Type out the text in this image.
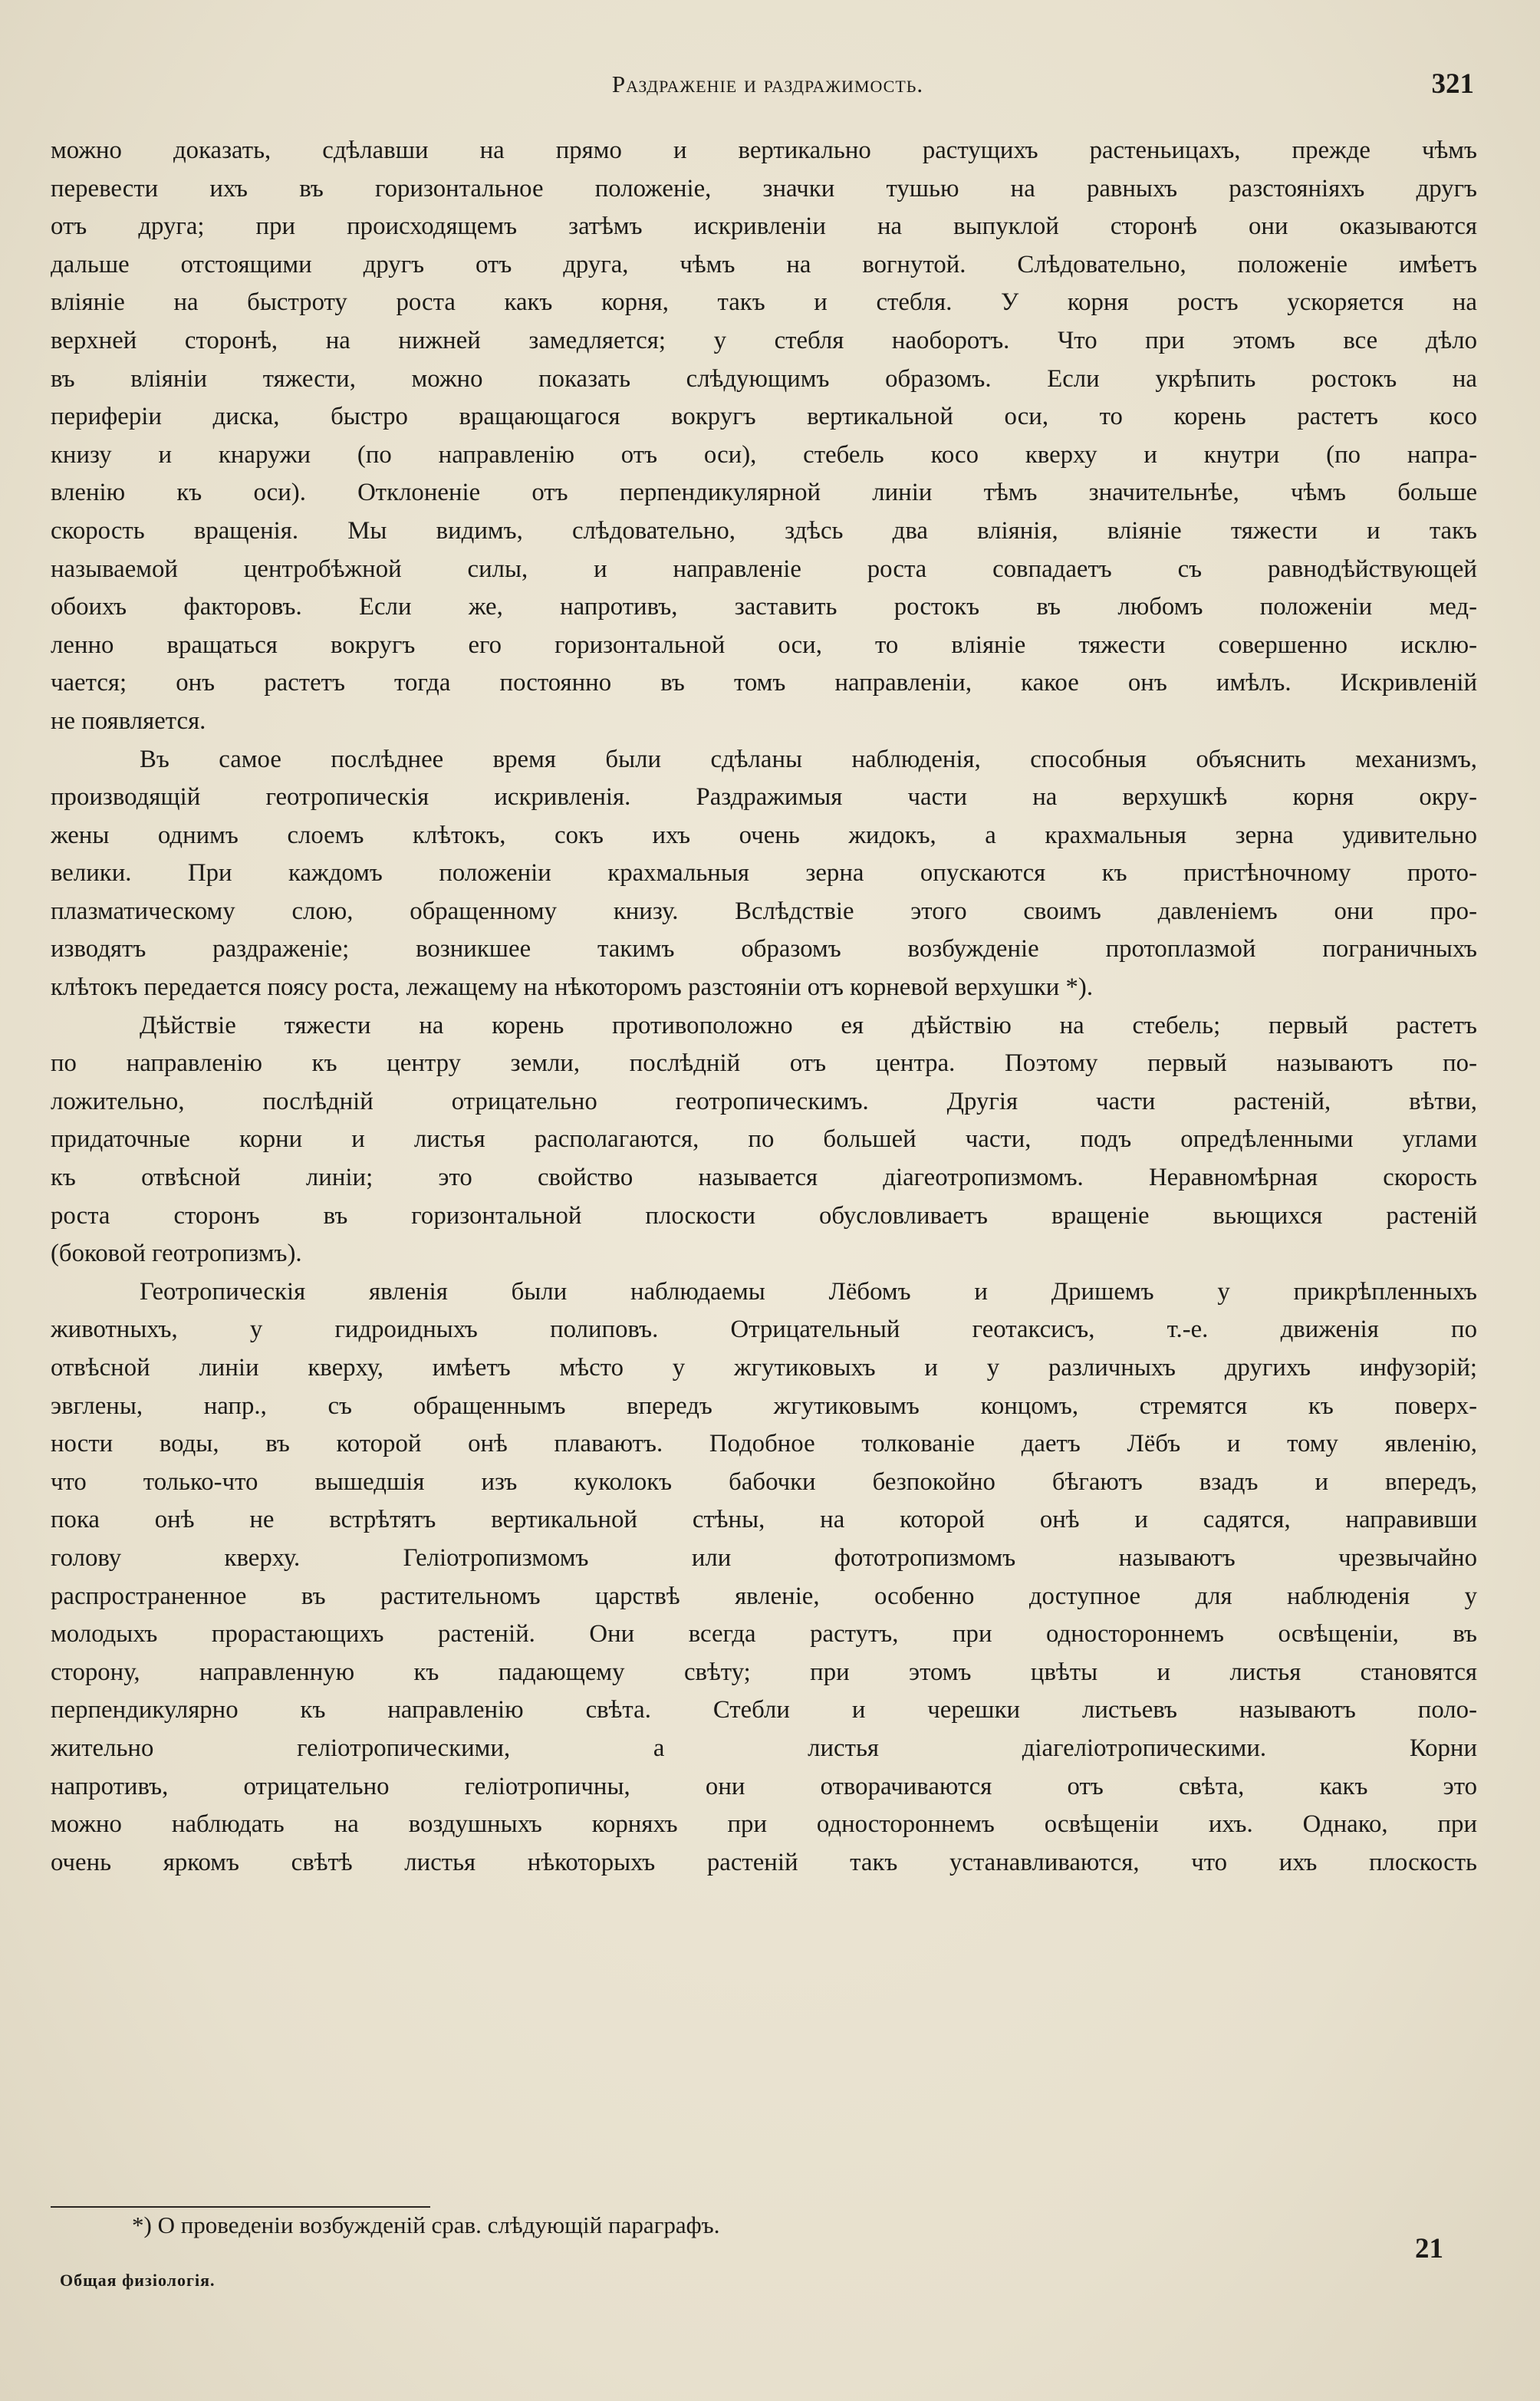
Раздраженіе и раздражимость.	321
можно доказать, сдѣлавши на прямо и вертикально растущихъ растеньицахъ, прежде чѣмъ
перевести ихъ въ горизонтальное положеніе, значки тушью на равныхъ разстояніяхъ другъ
отъ друга; при происходящемъ затѣмъ искривленіи на выпуклой сторонѣ они оказываются
дальше отстоящими другъ отъ друга, чѣмъ на вогнутой. Слѣдовательно, положеніе имѣетъ
вліяніе на быстроту роста какъ корня, такъ и стебля. У корня ростъ ускоряется на
верхней сторонѣ, на нижней замедляется; у стебля наоборотъ. Что при этомъ все дѣло
въ вліяніи тяжести, можно показать слѣдующимъ образомъ. Если укрѣпить ростокъ на
периферіи диска, быстро вращающагося вокругъ вертикальной оси, то корень растетъ косо
книзу и кнаружи (по направленію отъ оси), стебель косо кверху и кнутри (по напра-
вленію къ оси). Отклоненіе отъ перпендикулярной линіи тѣмъ значительнѣе, чѣмъ больше
скорость вращенія. Мы видимъ, слѣдовательно, здѣсь два вліянія, вліяніе тяжести и такъ
называемой центробѣжной силы, и направленіе роста совпадаетъ съ равнодѣйствующей
обоихъ факторовъ. Если же, напротивъ, заставить ростокъ въ любомъ положеніи мед-
ленно вращаться вокругъ его горизонтальной оси, то вліяніе тяжести совершенно исклю-
чается; онъ растетъ тогда постоянно въ томъ направленіи, какое онъ имѣлъ. Искривленій
не появляется.
Въ самое послѣднее время были сдѣланы наблюденія, способныя объяснить механизмъ,
производящій геотропическія искривленія. Раздражимыя части на верхушкѣ корня окру-
жены однимъ слоемъ клѣтокъ, сокъ ихъ очень жидокъ, а крахмальныя зерна удивительно
велики. При каждомъ положеніи крахмальныя зерна опускаются къ пристѣночному прото-
плазматическому слою, обращенному книзу. Вслѣдствіе этого своимъ давленіемъ они про-
изводятъ раздраженіе; возникшее такимъ образомъ возбужденіе протоплазмой пограничныхъ
клѣтокъ передается поясу роста, лежащему на нѣкоторомъ разстояніи отъ корневой верхушки *).
Дѣйствіе тяжести на корень противоположно ея дѣйствію на стебель; первый растетъ
по направленію къ центру земли, послѣдній отъ центра. Поэтому первый называютъ по-
ложительно, послѣдній отрицательно геотропическимъ. Другія части растеній, вѣтви,
придаточные корни и листья располагаются, по большей части, подъ опредѣленными углами
къ отвѣсной линіи; это свойство называется діагеотропизмомъ. Неравномѣрная скорость
роста сторонъ въ горизонтальной плоскости обусловливаетъ вращеніе вьющихся растеній
(боковой геотропизмъ).
Геотропическія явленія были наблюдаемы Лёбомъ и Дришемъ у прикрѣпленныхъ
животныхъ, у гидроидныхъ полиповъ. Отрицательный геотаксисъ, т.-е. движенія по
отвѣсной линіи кверху, имѣетъ мѣсто у жгутиковыхъ и у различныхъ другихъ инфузорій;
эвглены, напр., съ обращеннымъ впередъ жгутиковымъ концомъ, стремятся къ поверх-
ности воды, въ которой онѣ плаваютъ. Подобное толкованіе даетъ Лёбъ и тому явленію,
что только-что вышедшія изъ куколокъ бабочки безпокойно бѣгаютъ взадъ и впередъ,
пока онѣ не встрѣтятъ вертикальной стѣны, на которой онѣ и садятся, направивши
голову кверху. Геліотропизмомъ или фототропизмомъ называютъ чрезвычайно
распространенное въ растительномъ царствѣ явленіе, особенно доступное для наблюденія у
молодыхъ прорастающихъ растеній. Они всегда растутъ, при одностороннемъ освѣщеніи, въ
сторону, направленную къ падающему свѣту; при этомъ цвѣты и листья становятся
перпендикулярно къ направленію свѣта. Стебли и черешки листьевъ называютъ поло-
жительно геліотропическими, а листья діагеліотропическими. Корни
напротивъ, отрицательно геліотропичны, они отворачиваются отъ свѣта, какъ это
можно наблюдать на воздушныхъ корняхъ при одностороннемъ освѣщеніи ихъ. Однако, при
очень яркомъ свѣтѣ листья нѣкоторыхъ растеній такъ устанавливаются, что ихъ плоскость
*) О проведеніи возбужденій срав. слѣдующій параграфъ.
Общая физіологія.
21
